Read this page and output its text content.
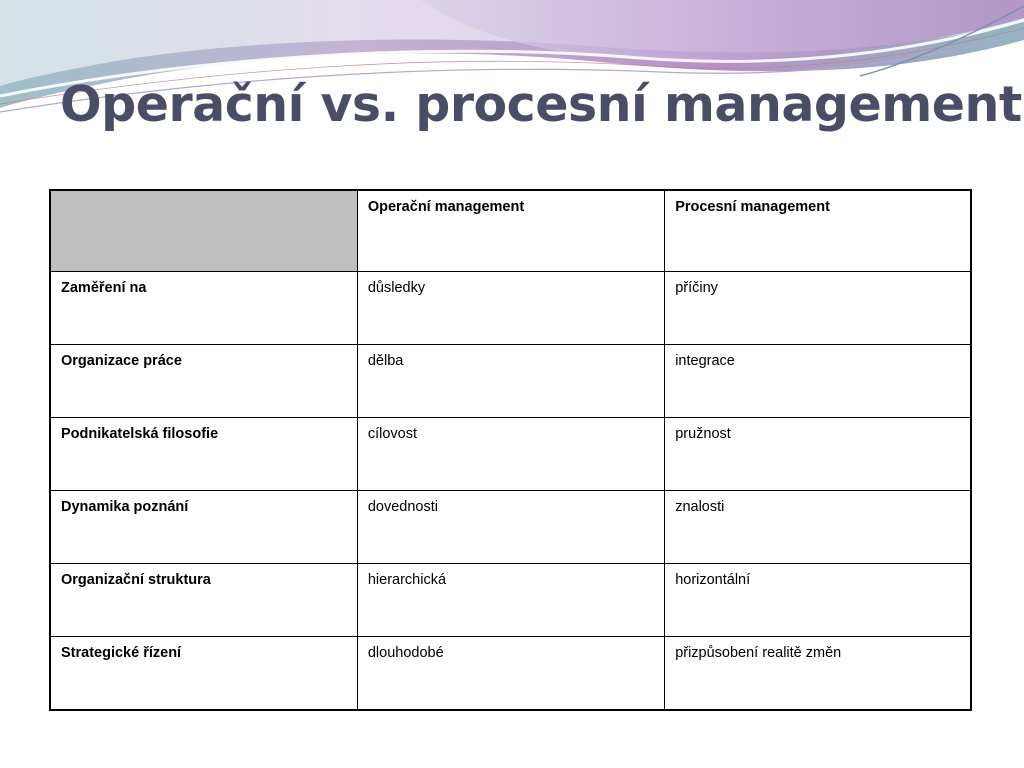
Operační vs. procesní management
	Operační management	Procesní management
Zaměření na	důsledky	příčiny
Organizace práce	dělba	integrace
Podnikatelská filosofie	cílovost	pružnost
Dynamika poznání	dovednosti	znalosti
Organizační struktura	hierarchická	horizontální
Strategické řízení	dlouhodobé	přizpůsobení realitě změn
